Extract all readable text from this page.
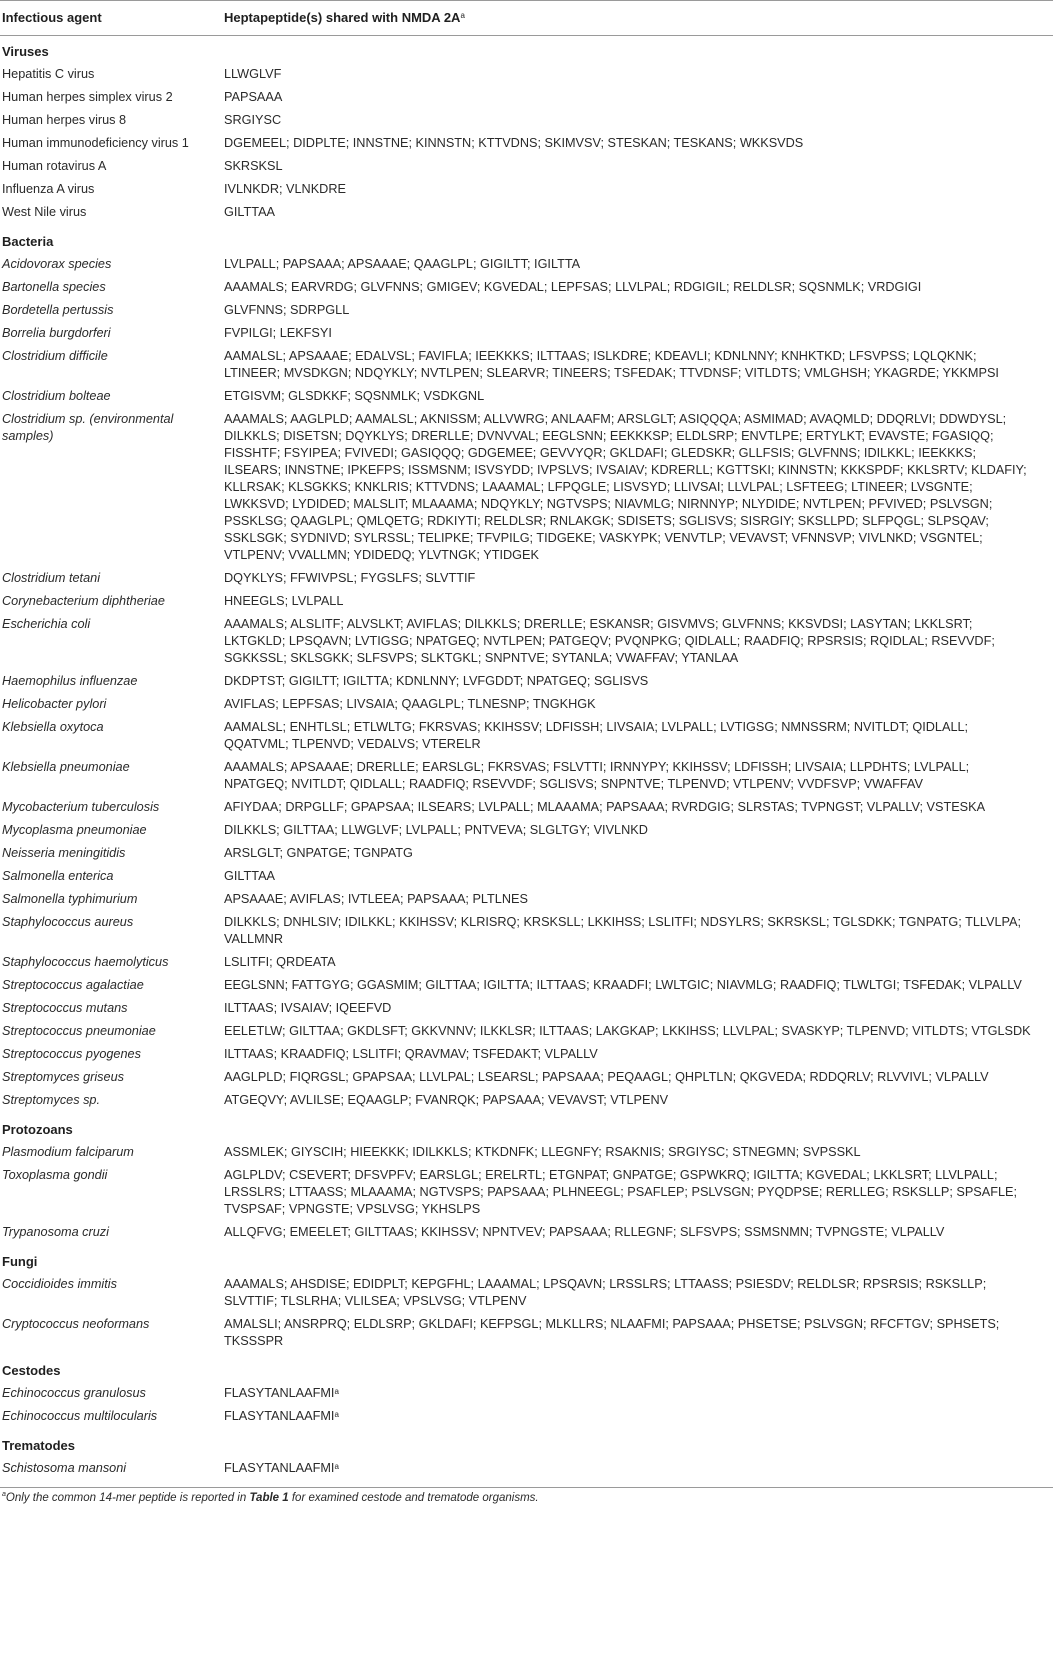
Infectious agent	Heptapeptide(s) shared with NMDA $2A^a$
Viruses	
Hepatitis C virus	LLWGLVF
Human herpes simplex virus 2	PAPSAAA
Human herpes virus 8	SRGIYSC
Human immunodeficiency virus 1	DGEMEEL; DIDPLTE; INNSTNE; KINNSTN; KTTVDNS; SKIMVSV; STESKAN; TESKANS; WKKSVDS
Human rotavirus A	SKRSKSL
Influenza A virus	IVLNKDR; VLNKDRE
West Nile virus	GILTTAA
Bacteria	
Acidovorax species	LVLPALL; PAPSAAA; APSAAAE; QAAGLPL; GIGILTT; IGILTTA
Bartonella species	AAAMALS; EARVRDG; GLVFNNS; GMIGEV; KGVEDAL; LEPFSAS; LLVLPAL; RDGIGIL; RELDLSR; SQSNMLK; VRDGIGI
Bordetella pertussis	GLVFNNS; SDRPGLL
Borrelia burgdorferi	FVPILGI; LEKFSYI
Clostridium difficile	AAMALSL; APSAAAE; EDALVSL; FAVIFLA; IEEKKKS; ILTTAAS; ISLKDRE; KDEAVLI; KDNLNNY; KNHKTKD; LFSVPSS; LQLQKNK; LTINEER; MVSDKGN; NDQYKLY; NVTLPEN; SLEARVR; TINEERS; TSFEDAK; TTVDNSF; VITLDTS; VMLGHSH; YKAGRDE; YKKMPSI
Clostridium bolteae	ETGISVM; GLSDKKF; SQSNMLK; VSDKGNL
Clostridium sp. (environmental samples)	AAAMALS; AAGLPLD; AAMALSL; AKNISSM; ALLVWRG; ANLAAFM; ARSLGLT; ASIQQQA; ASMIMAD; AVAQMLD; DDQRLVI; DDWDYSL; DILKKLS; DISETSN; DQYKLYS; DRERLLE; DVNVVAL; EEGLSNN; EEKKKSP; ELDLSRP; ENVTLPE; ERTYLKT; EVAVSTE; FGASIQQ; FISSHTF; FSYIPEA; FVIVEDI; GASIQQQ; GDGEMEE; GEVVYQR; GKLDAFI; GLEDSKR; GLLFSIS; GLVFNNS; IDILKKL; IEEKKKS; ILSEARS; INNSTNE; IPKEFPS; ISSMSNM; ISVSYDD; IVPSLVS; IVSAIAV; KDRERLL; KGTTSKI; KINNSTN; KKKSPDF; KKLSRTV; KLDAFIY; KLLRSAK; KLSGKKS; KNKLRIS; KTTVDNS; LAAAMAL; LFPQGLE; LISVSYD; LLIVSAI; LLVLPAL; LSFTEEG; LTINEER; LVSGNTE; LWKKSVD; LYDIDED; MALSLIT; MLAAAMA; NDQYKLY; NGTVSPS; NIAVMLG; NIRNNYP; NLYDIDE; NVTLPEN; PFVIVED; PSLVSGN; PSSKLSG; QAAGLPL; QMLQETG; RDKIYTI; RELDLSR; RNLAKGK; SDISETS; SGLISVS; SISRGIY; SKSLLPD; SLFPQGL; SLPSQAV; SSKLSGK; SYDNIVD; SYLRSSL; TELIPKE; TFVPILG; TIDGEKE; VASKYPK; VENVTLP; VEVAVST; VFNNSVP; VIVLNKD; VSGNTEL; VTLPENV; VVALLMN; YDIDEDQ; YLVTNGK; YTIDGEK
Clostridium tetani	DQYKLYS; FFWIVPSL; FYGSLFS; SLVTTIF
Corynebacterium diphtheriae	HNEEGLS; LVLPALL
Escherichia coli	AAAMALS; ALSLITF; ALVSLKT; AVIFLAS; DILKKLS; DRERLLE; ESKANSR; GISVMVS; GLVFNNS; KKSVDSI; LASYTAN; LKKLSRT; LKTGKLD; LPSQAVN; LVTIGSG; NPATGEQ; NVTLPEN; PATGEQV; PVQNPKG; QIDLALL; RAADFIQ; RPSRSIS; RQIDLAL; RSEVVDF; SGKKSSL; SKLSGKK; SLFSVPS; SLKTGKL; SNPNTVE; SYTANLA; VWAFFAV; YTANLAA
Haemophilus influenzae	DKDPTST; GIGILTT; IGILTTA; KDNLNNY; LVFGDDT; NPATGEQ; SGLISVS
Helicobacter pylori	AVIFLAS; LEPFSAS; LIVSAIA; QAAGLPL; TLNESNP; TNGKHGK
Klebsiella oxytoca	AAMALSL; ENHTLSL; ETLWLTG; FKRSVAS; KKIHSSV; LDFISSH; LIVSAIA; LVLPALL; LVTIGSG; NMNSSRM; NVITLDT; QIDLALL; QQATVML; TLPENVD; VEDALVS; VTERELR
Klebsiella pneumoniae	AAAMALS; APSAAAE; DRERLLE; EARSLGL; FKRSVAS; FSLVTTI; IRNNYPY; KKIHSSV; LDFISSH; LIVSAIA; LLPDHTS; LVLPALL; NPATGEQ; NVITLDT; QIDLALL; RAADFIQ; RSEVVDF; SGLISVS; SNPNTVE; TLPENVD; VTLPENV; VVDFSVP; VWAFFAV
Mycobacterium tuberculosis	AFIYDAA; DRPGLLF; GPAPSAA; ILSEARS; LVLPALL; MLAAAMA; PAPSAAA; RVRDGIG; SLRSTAS; TVPNGST; VLPALLV; VSTESKA
Mycoplasma pneumoniae	DILKKLS; GILTTAA; LLWGLVF; LVLPALL; PNTVEVA; SLGLTGY; VIVLNKD
Neisseria meningitidis	ARSLGLT; GNPATGE; TGNPATG
Salmonella enterica	GILTTAA
Salmonella typhimurium	APSAAAE; AVIFLAS; IVTLEEA; PAPSAAA; PLTLNES
Staphylococcus aureus	DILKKLS; DNHLSIV; IDILKKL; KKIHSSV; KLRISRQ; KRSKSLL; LKKIHSS; LSLITFI; NDSYLRS; SKRSKSL; TGLSDKK; TGNPATG; TLLVLPA; VALLMNR
Staphylococcus haemolyticus	LSLITFI; QRDEATA
Streptococcus agalactiae	EEGLSNN; FATTGYG; GGASMIM; GILTTAA; IGILTTA; ILTTAAS; KRAADFI; LWLTGIC; NIAVMLG; RAADFIQ; TLWLTGI; TSFEDAK; VLPALLV
Streptococcus mutans	ILTTAAS; IVSAIAV; IQEEFVD
Streptococcus pneumoniae	EELETLW; GILTTAA; GKDLSFT; GKKVNNV; ILKKLSR; ILTTAAS; LAKGKAP; LKKIHSS; LLVLPAL; SVASKYP; TLPENVD; VITLDTS; VTGLSDK
Streptococcus pyogenes	ILTTAAS; KRAADFIQ; LSLITFI; QRAVMAV; TSFEDAKT; VLPALLV
Streptomyces griseus	AAGLPLD; FIQRGSL; GPAPSAA; LLVLPAL; LSEARSL; PAPSAAA; PEQAAGL; QHPLTLN; QKGVEDA; RDDQRLV; RLVVIVL; VLPALLV
Streptomyces sp.	ATGEQVY; AVLILSE; EQAAGLP; FVANRQK; PAPSAAA; VEVAVST; VTLPENV
Protozoans	
Plasmodium falciparum	ASSMLEK; GIYSCIH; HIEEKKK; IDILKKLS; KTKDNFK; LLEGNFY; RSAKNIS; SRGIYSC; STNEGMN; SVPSSKL
Toxoplasma gondii	AGLPLDV; CSEVERT; DFSVPFV; EARSLGL; ERELRTL; ETGNPAT; GNPATGE; GSPWKRQ; IGILTTA; KGVEDAL; LKKLSRT; LLVLPALL; LRSSLRS; LTTAASS; MLAAAMA; NGTVSPS; PAPSAAA; PLHNEEGL; PSAFLEP; PSLVSGN; PYQDPSE; RERLLEG; RSKSLLP; SPSAFLE; TVSPSAF; VPNGSTE; VPSLVSG; YKHSLPS
Trypanosoma cruzi	ALLQFVG; EMEELET; GILTTAAS; KKIHSSV; NPNTVEV; PAPSAAA; RLLEGNF; SLFSVPS; SSMSNMN; TVPNGSTE; VLPALLV
Fungi	
Coccidioides immitis	AAAMALS; AHSDISE; EDIDPLT; KEPGFHL; LAAAMAL; LPSQAVN; LRSSLRS; LTTAASS; PSIESDV; RELDLSR; RPSRSIS; RSKSLLP; SLVTTIF; TLSLRHA; VLILSEA; VPSLVSG; VTLPENV
Cryptococcus neoformans	AMALSLI; ANSRPRQ; ELDLSRP; GKLDAFI; KEFPSGL; MLKLLRS; NLAAFMI; PAPSAAA; PHSETSE; PSLVSGN; RFCFTGV; SPHSETS; TKSSSPR
Cestodes	
Echinococcus granulosus	FLASYTANLAAFMI$^a$
Echinococcus multilocularis	FLASYTANLAAFMI$^a$
Trematodes	
Schistosoma mansoni	FLASYTANLAAFMI$^a$
$^a$Only the common 14-mer peptide is reported in Table 1 for examined cestode and trematode organisms.
